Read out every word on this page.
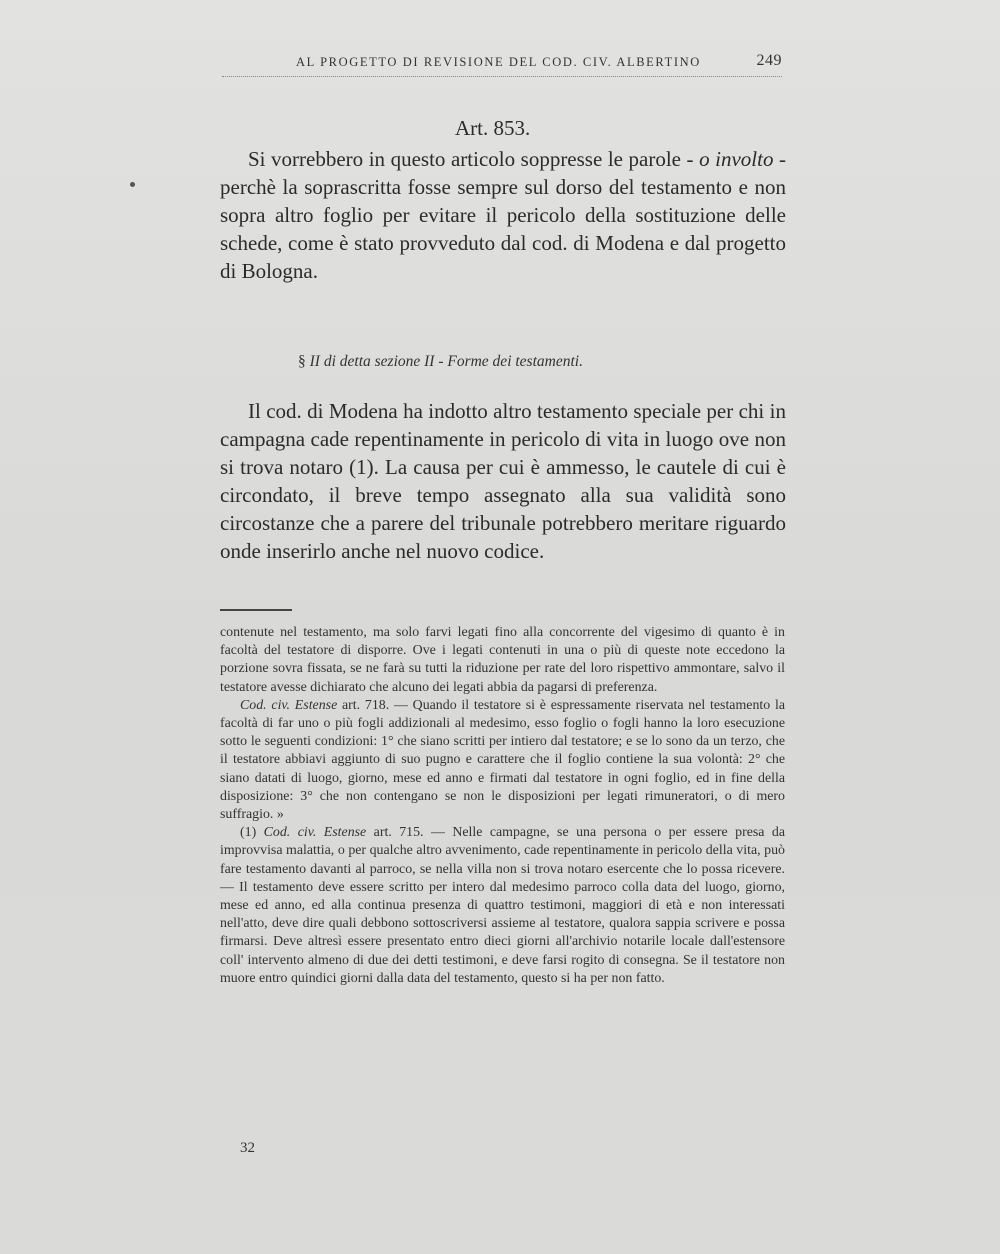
AL PROGETTO DI REVISIONE DEL COD. CIV. ALBERTINO	249
Art. 853.
Si vorrebbero in questo articolo soppresse le parole - o involto - perchè la soprascritta fosse sempre sul dorso del testamento e non sopra altro foglio per evitare il pericolo della sostituzione delle schede, come è stato provveduto dal cod. di Modena e dal progetto di Bologna.
§ II di detta sezione II - Forme dei testamenti.
Il cod. di Modena ha indotto altro testamento speciale per chi in campagna cade repentinamente in pericolo di vita in luogo ove non si trova notaro (1). La causa per cui è ammesso, le cautele di cui è circondato, il breve tempo assegnato alla sua validità sono circostanze che a parere del tribunale potrebbero meritare riguardo onde inserirlo anche nel nuovo codice.

contenute nel testamento, ma solo farvi legati fino alla concorrente del vigesimo di quanto è in facoltà del testatore di disporre. Ove i legati contenuti in una o più di queste note eccedono la porzione sovra fissata, se ne farà su tutti la riduzione per rate del loro rispettivo ammontare, salvo il testatore avesse dichiarato che alcuno dei legati abbia da pagarsi di preferenza.

Cod. civ. Estense art. 718. — Quando il testatore si è espressamente riservata nel testamento la facoltà di far uno o più fogli addizionali al medesimo, esso foglio o fogli hanno la loro esecuzione sotto le seguenti condizioni: 1° che siano scritti per intiero dal testatore; e se lo sono da un terzo, che il testatore abbiavi aggiunto di suo pugno e carattere che il foglio contiene la sua volontà: 2° che siano datati di luogo, giorno, mese ed anno e firmati dal testatore in ogni foglio, ed in fine della disposizione: 3° che non contengano se non le disposizioni per legati rimuneratori, o di mero suffragio. »

(1) Cod. civ. Estense art. 715. — Nelle campagne, se una persona o per essere presa da improvvisa malattia, o per qualche altro avvenimento, cade repentinamente in pericolo della vita, può fare testamento davanti al parroco, se nella villa non si trova notaro esercente che lo possa ricevere. — Il testamento deve essere scritto per intero dal medesimo parroco colla data del luogo, giorno, mese ed anno, ed alla continua presenza di quattro testimoni, maggiori di età e non interessati nell'atto, deve dire quali debbono sottoscriversi assieme al testatore, qualora sappia scrivere e possa firmarsi. Deve altresì essere presentato entro dieci giorni all'archivio notarile locale dall'estensore coll' intervento almeno di due dei detti testimoni, e deve farsi rogito di consegna. Se il testatore non muore entro quindici giorni dalla data del testamento, questo si ha per non fatto.

32
